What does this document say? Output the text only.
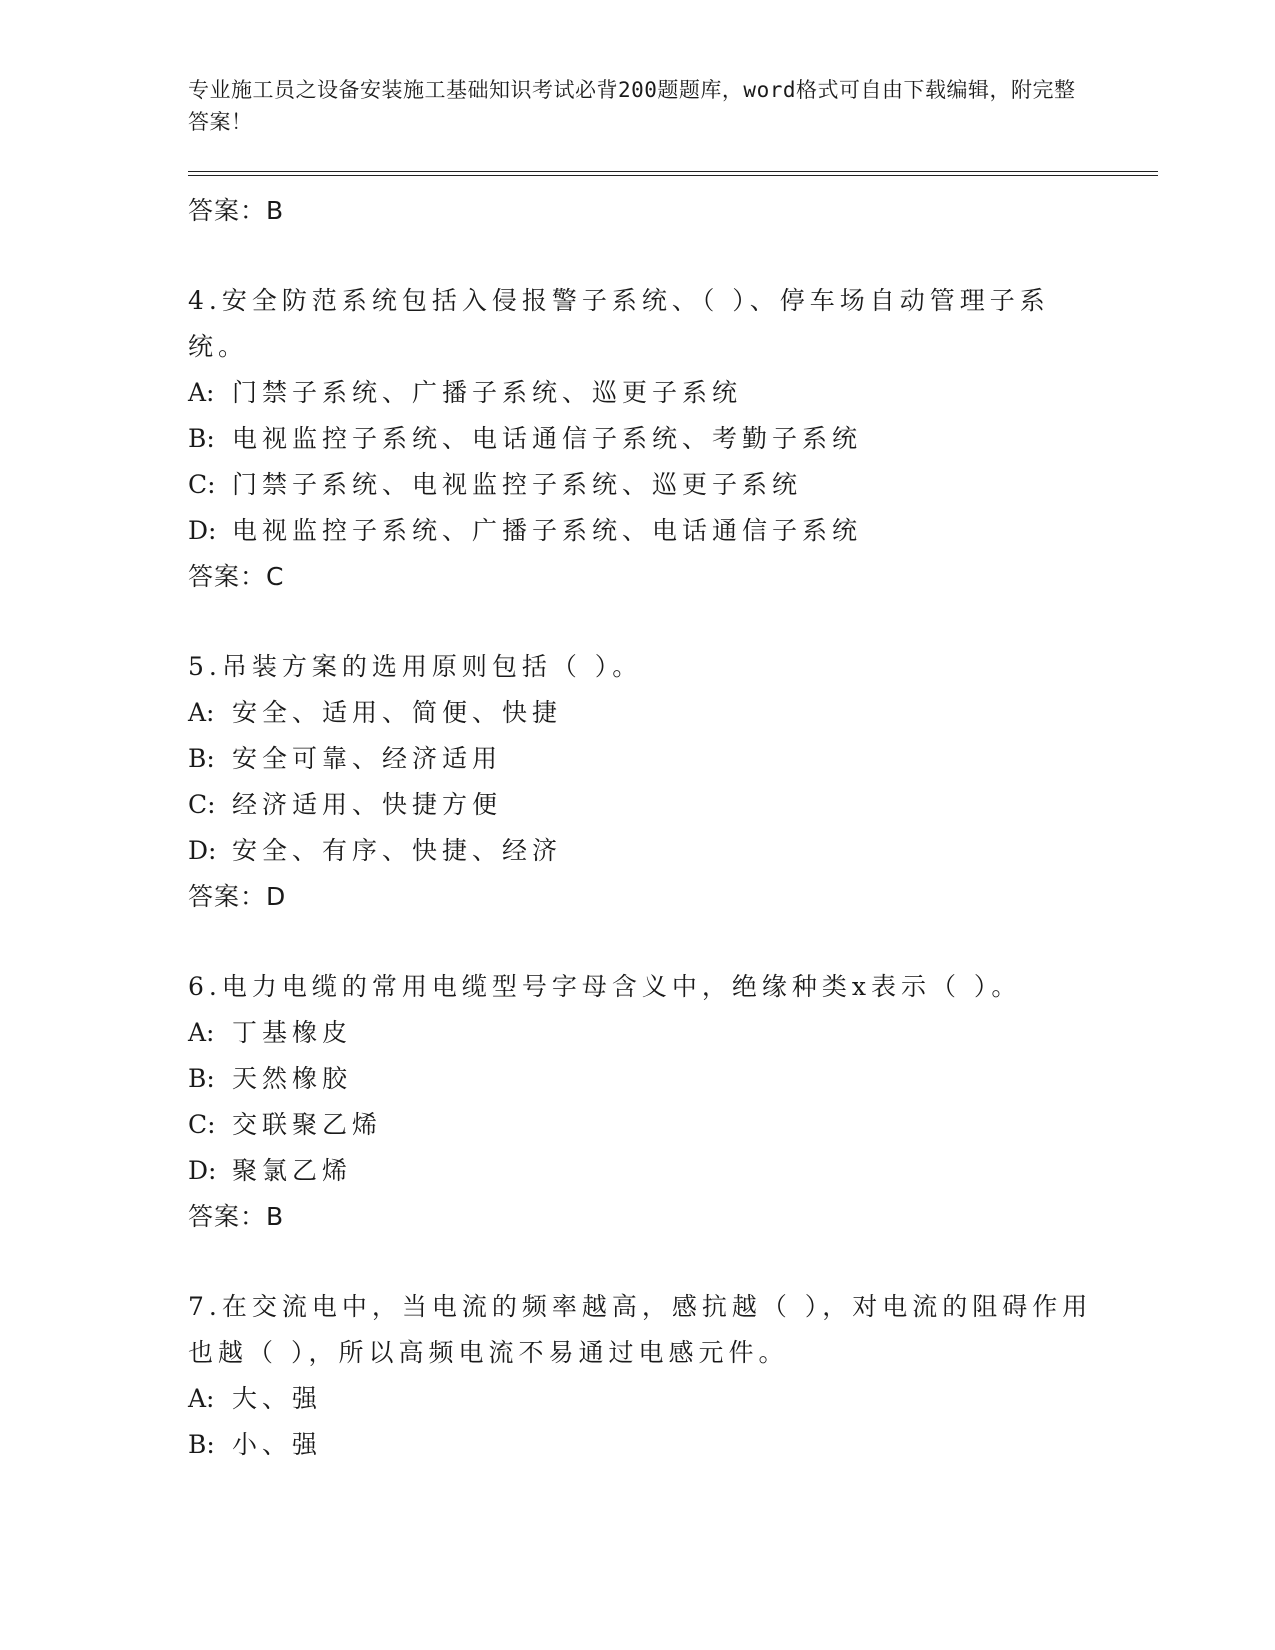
专业施工员之设备安装施工基础知识考试必背200题题库，word格式可自由下载编辑，附完整答案！
答案：B
4.安全防范系统包括入侵报警子系统、（ ）、停车场自动管理子系统。
A: 门禁子系统、广播子系统、巡更子系统
B: 电视监控子系统、电话通信子系统、考勤子系统
C: 门禁子系统、电视监控子系统、巡更子系统
D: 电视监控子系统、广播子系统、电话通信子系统
答案：C
5.吊装方案的选用原则包括（ ）。
A: 安全、适用、简便、快捷
B: 安全可靠、经济适用
C: 经济适用、快捷方便
D: 安全、有序、快捷、经济
答案：D
6.电力电缆的常用电缆型号字母含义中，绝缘种类x表示（ ）。
A: 丁基橡皮
B: 天然橡胶
C: 交联聚乙烯
D: 聚氯乙烯
答案：B
7.在交流电中，当电流的频率越高，感抗越（ ），对电流的阻碍作用也越（ ），所以高频电流不易通过电感元件。
A: 大、强
B: 小、强
